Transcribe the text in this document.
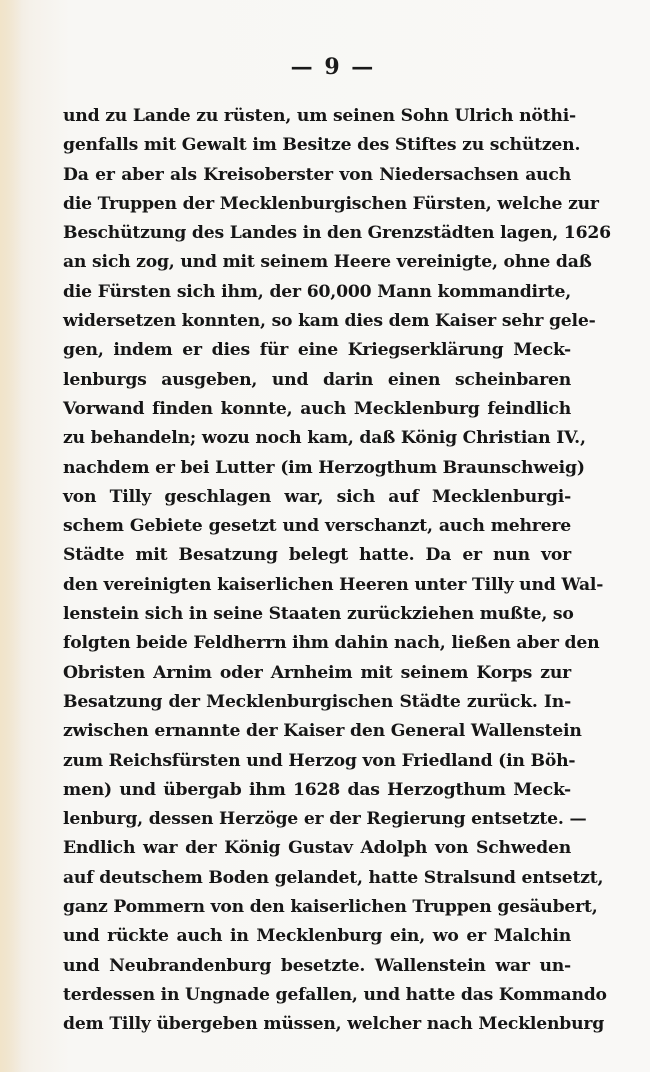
— 9 —
und zu Lande zu rüsten, um seinen Sohn Ulrich nöthi-
genfalls mit Gewalt im Besitze des Stiftes zu schützen.
Da er aber als Kreisoberster von Niedersachsen auch
die Truppen der Mecklenburgischen Fürsten, welche zur
Beschützung des Landes in den Grenzstädten lagen, 1626
an sich zog, und mit seinem Heere vereinigte, ohne daß
die Fürsten sich ihm, der 60,000 Mann kommandirte,
widersetzen konnten, so kam dies dem Kaiser sehr gele-
gen, indem er dies für eine Kriegserklärung Meck-
lenburgs ausgeben, und darin einen scheinbaren
Vorwand finden konnte, auch Mecklenburg feindlich
zu behandeln; wozu noch kam, daß König Christian IV.,
nachdem er bei Lutter (im Herzogthum Braunschweig)
von Tilly geschlagen war, sich auf Mecklenburgi-
schem Gebiete gesetzt und verschanzt, auch mehrere
Städte mit Besatzung belegt hatte. Da er nun vor
den vereinigten kaiserlichen Heeren unter Tilly und Wal-
lenstein sich in seine Staaten zurückziehen mußte, so
folgten beide Feldherrn ihm dahin nach, ließen aber den
Obristen Arnim oder Arnheim mit seinem Korps zur
Besatzung der Mecklenburgischen Städte zurück. In-
zwischen ernannte der Kaiser den General Wallenstein
zum Reichsfürsten und Herzog von Friedland (in Böh-
men) und übergab ihm 1628 das Herzogthum Meck-
lenburg, dessen Herzöge er der Regierung entsetzte. —
Endlich war der König Gustav Adolph von Schweden
auf deutschem Boden gelandet, hatte Stralsund entsetzt,
ganz Pommern von den kaiserlichen Truppen gesäubert,
und rückte auch in Mecklenburg ein, wo er Malchin
und Neubrandenburg besetzte. Wallenstein war un-
terdessen in Ungnade gefallen, und hatte das Kommando
dem Tilly übergeben müssen, welcher nach Mecklenburg
